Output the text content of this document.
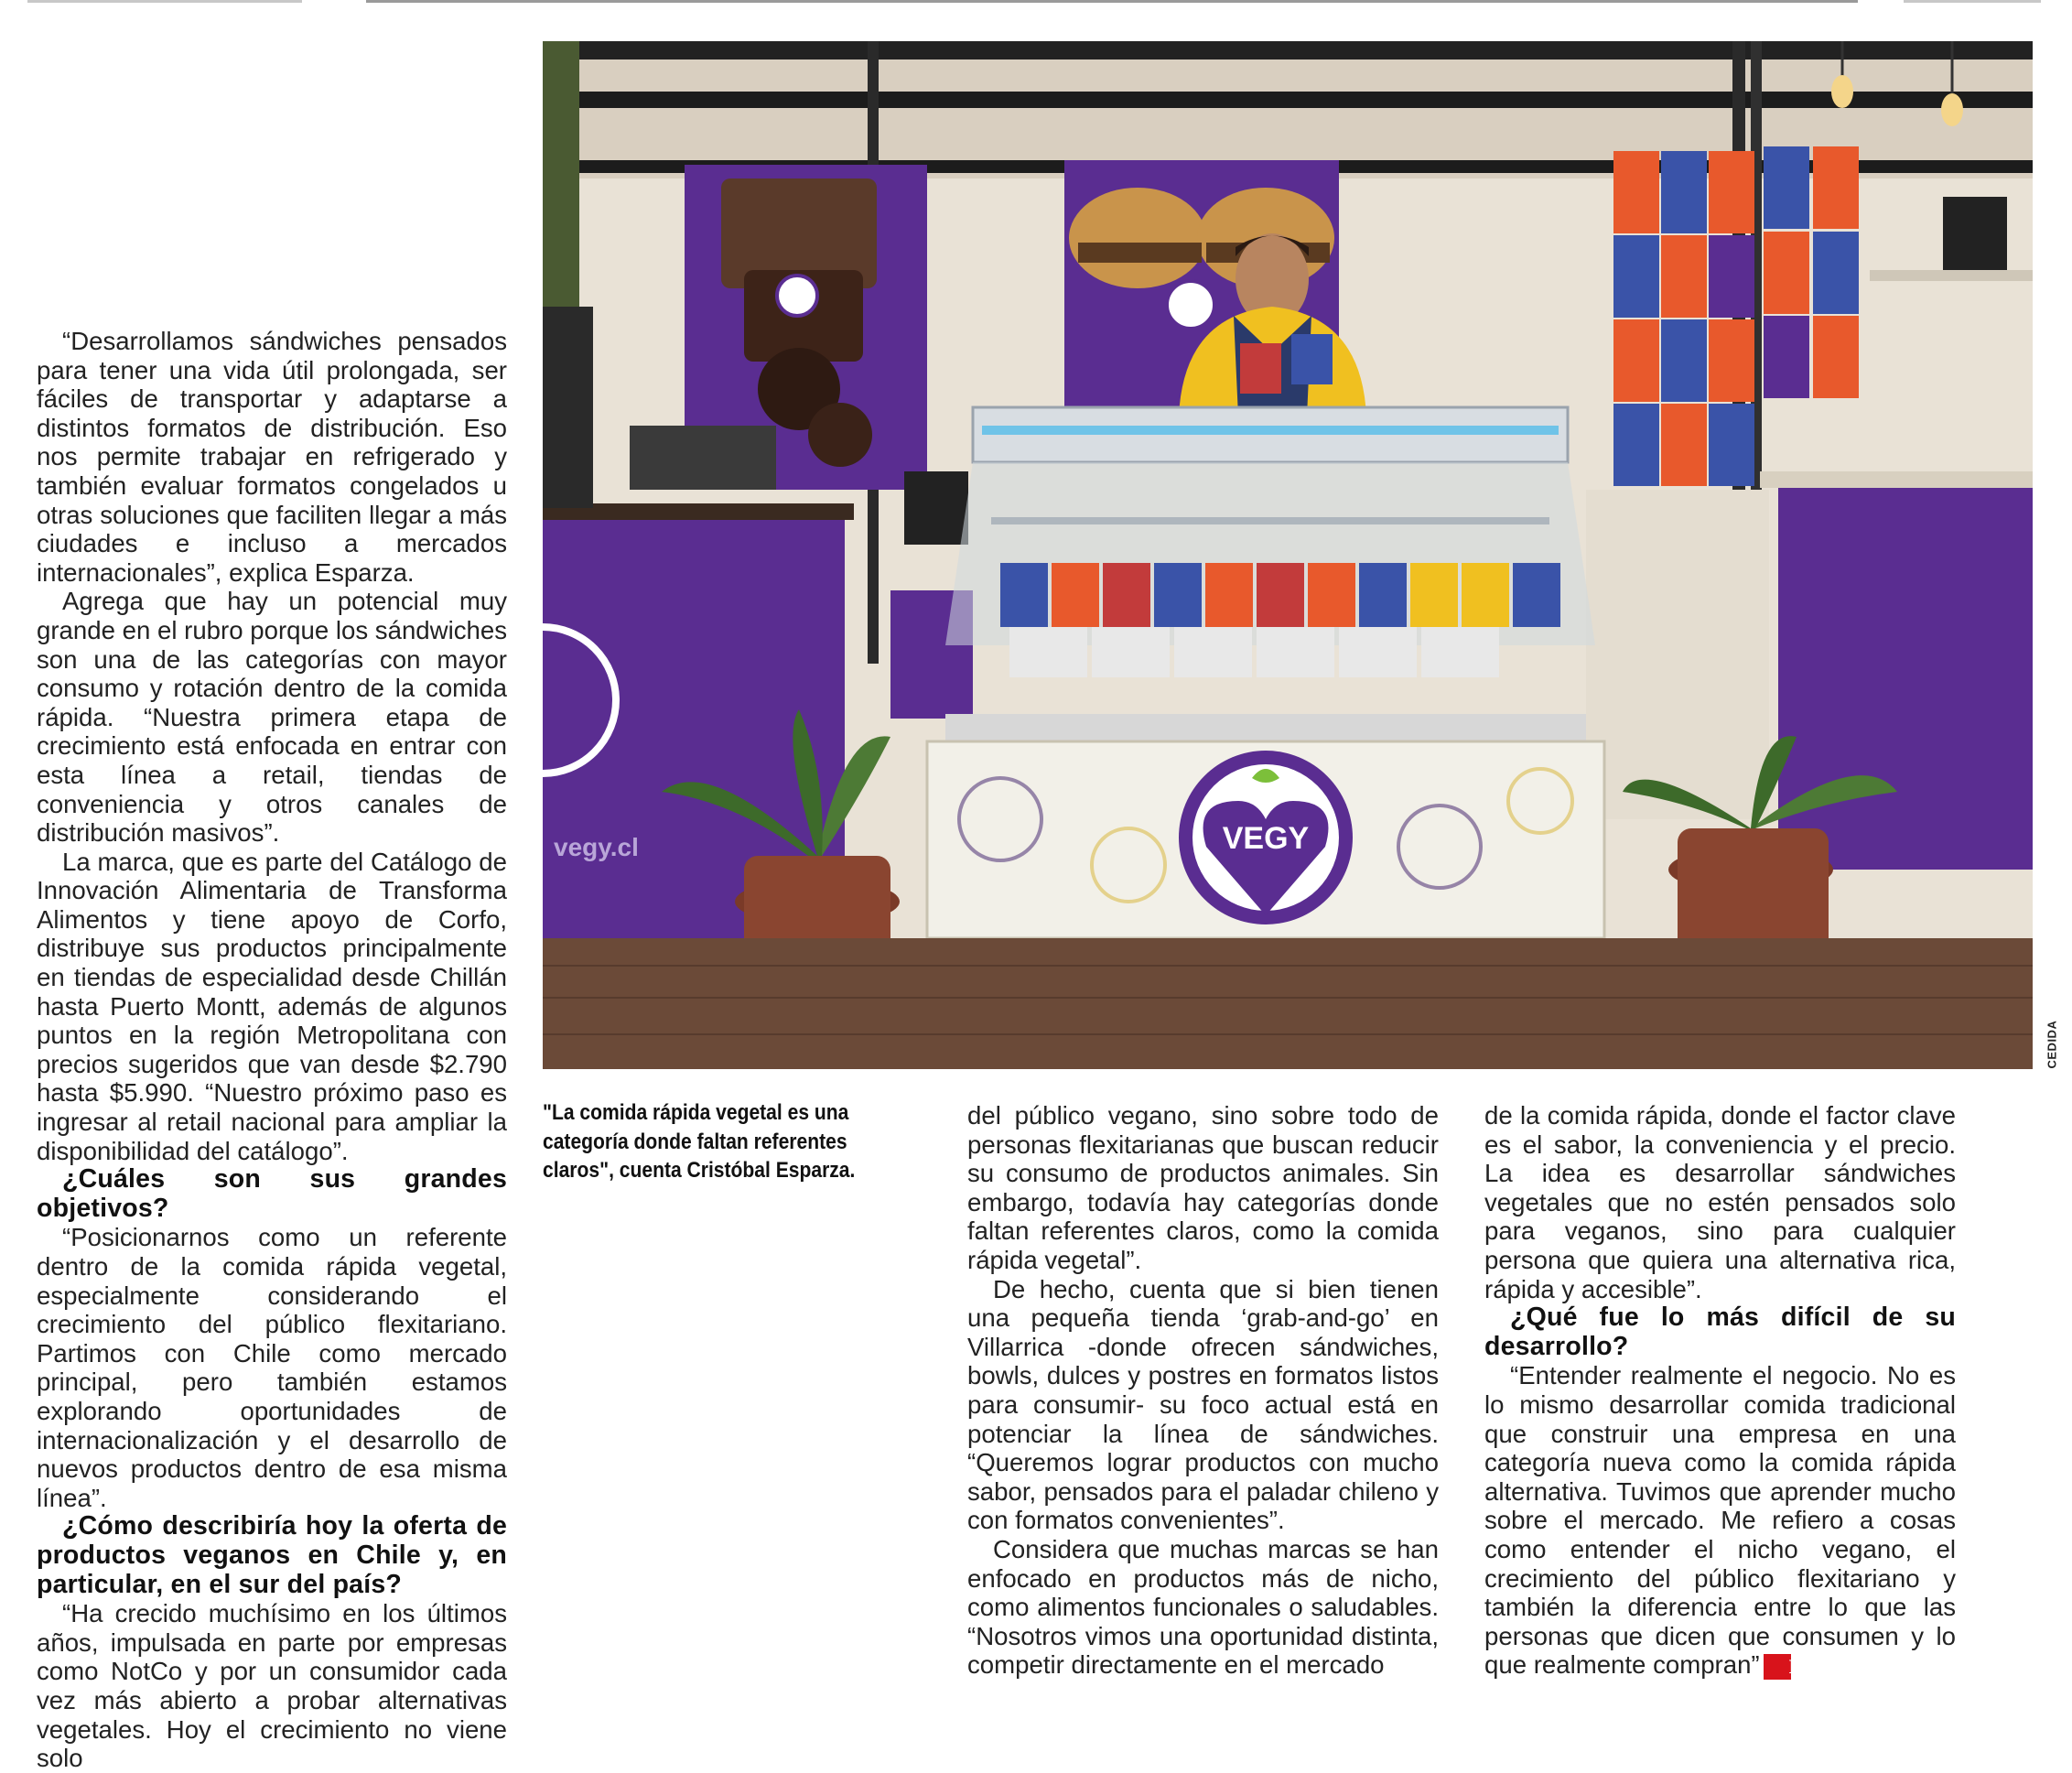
“Desarrollamos sándwiches pensados para tener una vida útil prolongada, ser fáciles de transportar y adaptarse a distintos formatos de distribución. Eso nos permite trabajar en refrigerado y también evaluar formatos congelados u otras soluciones que faciliten llegar a más ciudades e incluso a mercados internacionales”, explica Esparza.

Agrega que hay un potencial muy grande en el rubro porque los sándwiches son una de las categorías con mayor consumo y rotación dentro de la comida rápida. “Nuestra primera etapa de crecimiento está enfocada en entrar con esta línea a retail, tiendas de conveniencia y otros canales de distribución masivos”.

La marca, que es parte del Catálogo de Innovación Alimentaria de Transforma Alimentos y tiene apoyo de Corfo, distribuye sus productos principalmente en tiendas de especialidad desde Chillán hasta Puerto Montt, además de algunos puntos en la región Metropolitana con precios sugeridos que van desde $2.790 hasta $5.990. “Nuestro próximo paso es ingresar al retail nacional para ampliar la disponibilidad del catálogo”.

¿Cuáles son sus grandes objetivos?

“Posicionarnos como un referente dentro de la comida rápida vegetal, especialmente considerando el crecimiento del público flexitariano. Partimos con Chile como mercado principal, pero también estamos explorando oportunidades de internacionalización y el desarrollo de nuevos productos dentro de esa misma línea”.

¿Cómo describiría hoy la oferta de productos veganos en Chile y, en particular, en el sur del país?

“Ha crecido muchísimo en los últimos años, impulsada en parte por empresas como NotCo y por un consumidor cada vez más abierto a probar alternativas vegetales. Hoy el crecimiento no viene solo

vegy.cl	VEGY
CEDIDA
"La comida rápida vegetal es una categoría donde faltan referentes claros", cuenta Cristóbal Esparza.

del público vegano, sino sobre todo de personas flexitarianas que buscan reducir su consumo de productos animales. Sin embargo, todavía hay categorías donde faltan referentes claros, como la comida rápida vegetal”.

De hecho, cuenta que si bien tienen una pequeña tienda ‘grab-and-go’ en Villarrica -donde ofrecen sándwiches, bowls, dulces y postres en formatos listos para consumir- su foco actual está en potenciar la línea de sándwiches. “Queremos lograr productos con mucho sabor, pensados para el paladar chileno y con formatos convenientes”.

Considera que muchas marcas se han enfocado en productos más de nicho, como alimentos funcionales o saludables. “Nosotros vimos una oportunidad distinta, competir directamente en el mercado

de la comida rápida, donde el factor clave es el sabor, la conveniencia y el precio. La idea es desarrollar sándwiches vegetales que no estén pensados solo para veganos, sino para cualquier persona que quiera una alternativa rica, rápida y accesible”.

¿Qué fue lo más difícil de su desarrollo?

“Entender realmente el negocio. No es lo mismo desarrollar comida tradicional que construir una empresa en una categoría nueva como la comida rápida alternativa. Tuvimos que aprender mucho sobre el mercado. Me refiero a cosas como entender el nicho vegano, el crecimiento del público flexitariano y también la diferencia entre lo que las personas que dicen que consumen y lo que realmente compran” M
